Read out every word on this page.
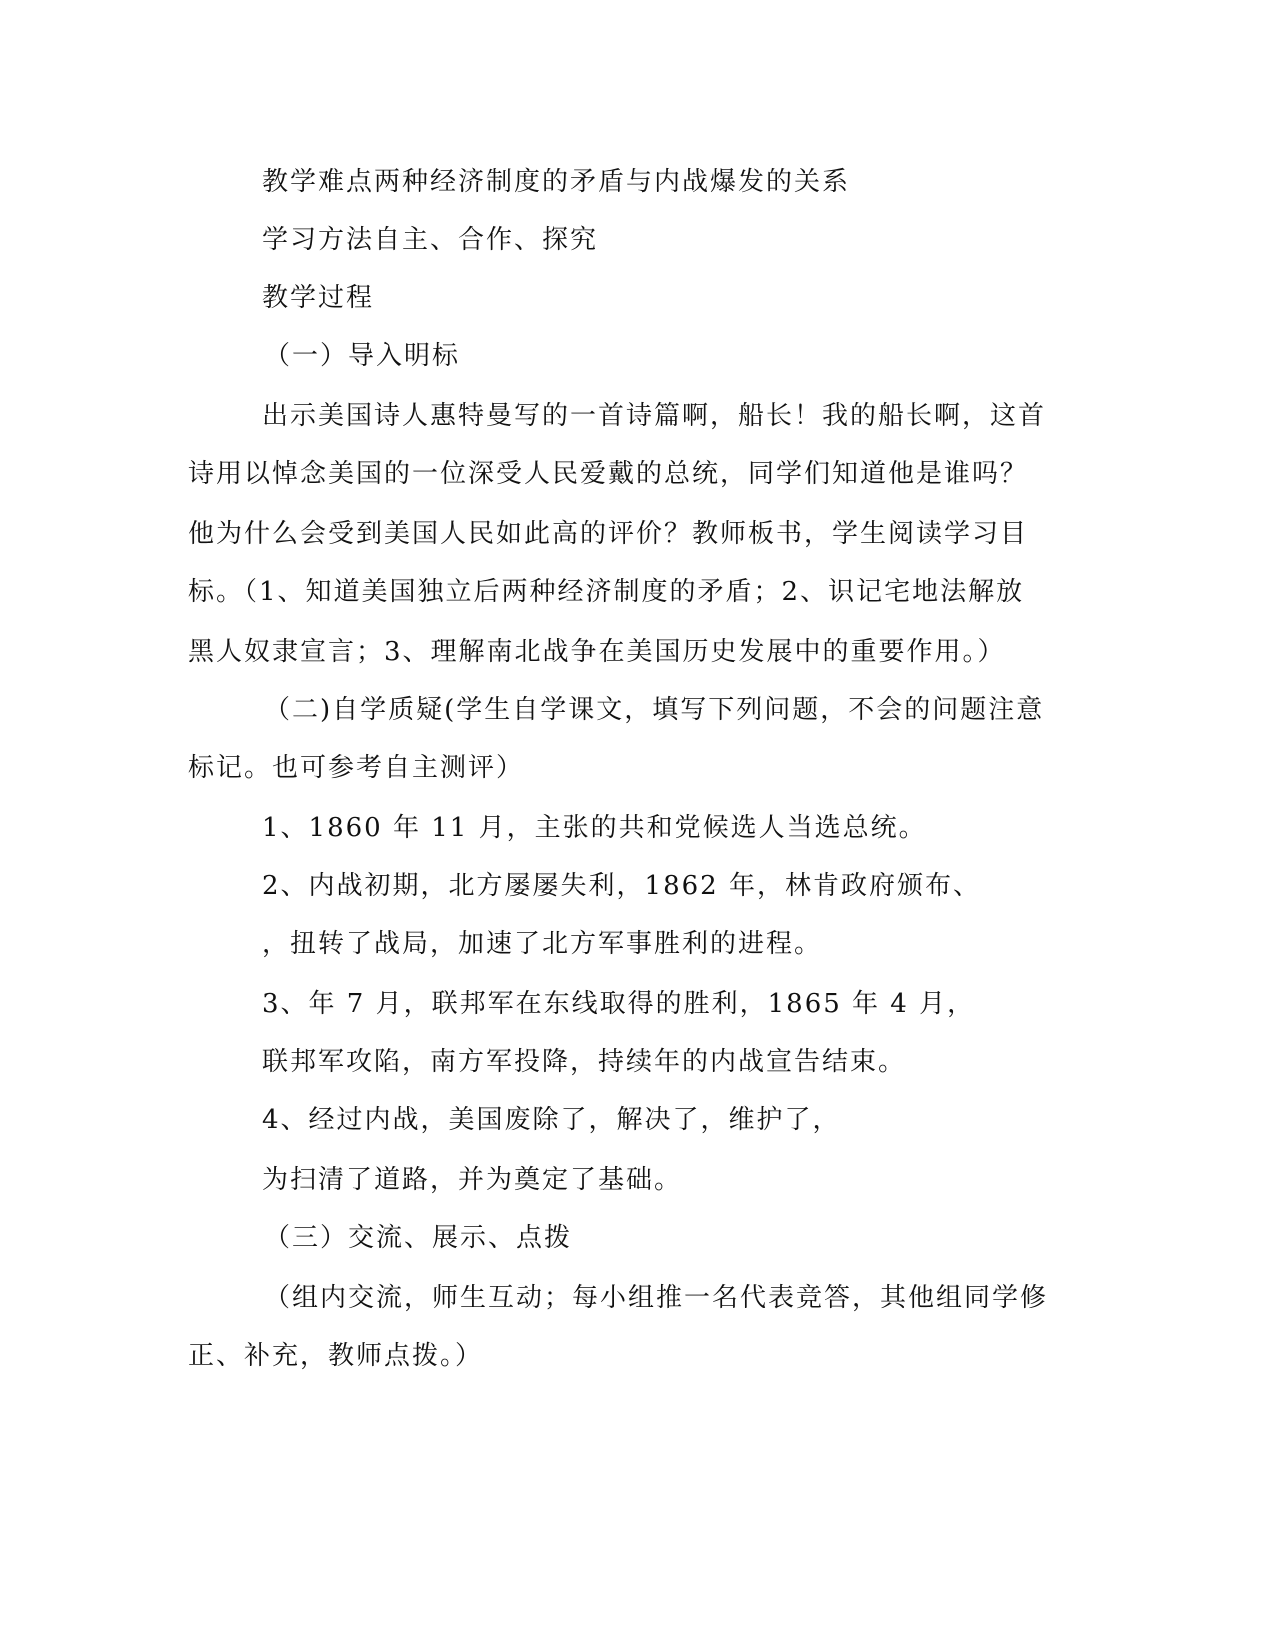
教学难点两种经济制度的矛盾与内战爆发的关系
学习方法自主、合作、探究
教学过程
（一）导入明标
出示美国诗人惠特曼写的一首诗篇啊，船长！我的船长啊，这首
诗用以悼念美国的一位深受人民爱戴的总统，同学们知道他是谁吗？
他为什么会受到美国人民如此高的评价？教师板书，学生阅读学习目
标。（1、知道美国独立后两种经济制度的矛盾；2、识记宅地法解放
黑人奴隶宣言；3、理解南北战争在美国历史发展中的重要作用。）
（二)自学质疑(学生自学课文，填写下列问题，不会的问题注意
标记。也可参考自主测评）
1、1860 年 11 月，主张的共和党候选人当选总统。
2、内战初期，北方屡屡失利，1862 年，林肯政府颁布、
，扭转了战局，加速了北方军事胜利的进程。
3、年 7 月，联邦军在东线取得的胜利，1865 年 4 月，
联邦军攻陷，南方军投降，持续年的内战宣告结束。
4、经过内战，美国废除了，解决了，维护了，
为扫清了道路，并为奠定了基础。
（三）交流、展示、点拨
（组内交流，师生互动；每小组推一名代表竞答，其他组同学修
正、补充，教师点拨。）
